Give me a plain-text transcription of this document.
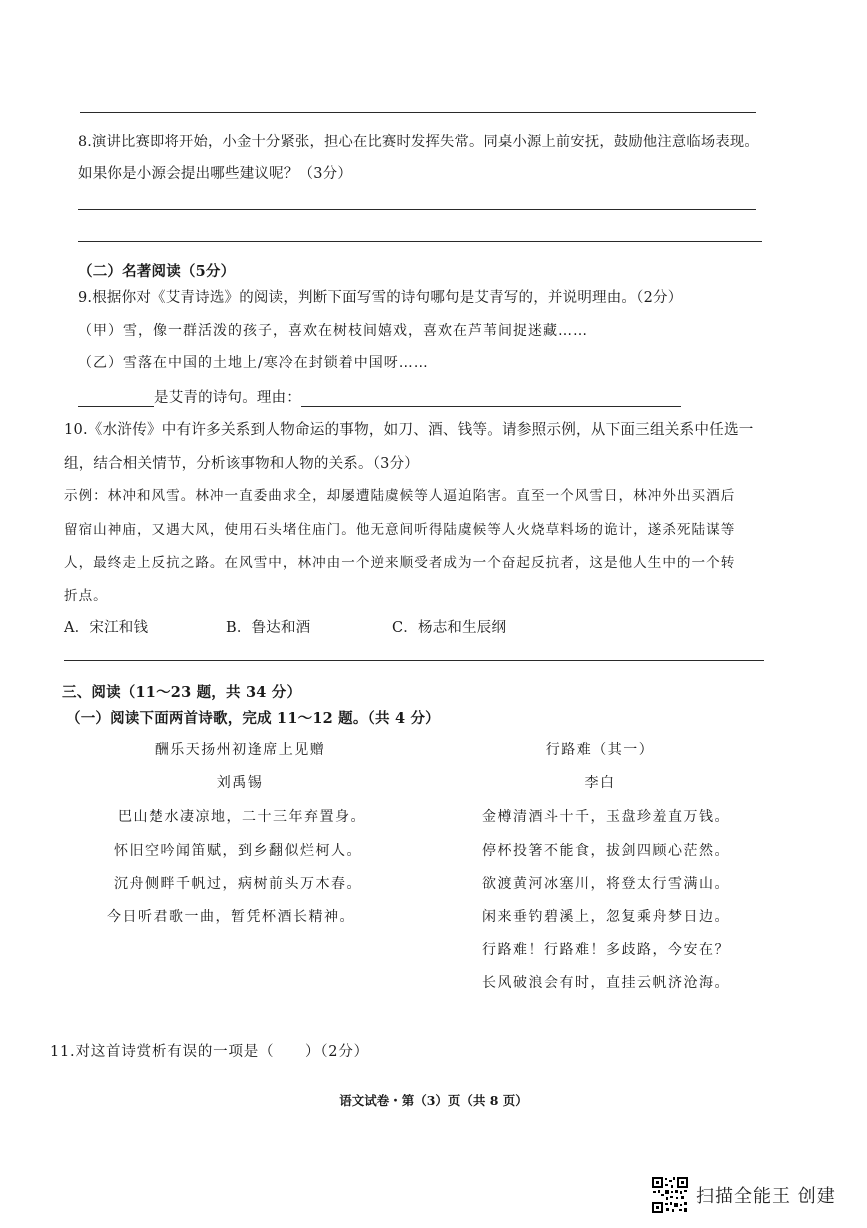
8.演讲比赛即将开始，小金十分紧张，担心在比赛时发挥失常。同桌小源上前安抚，鼓励他注意临场表现。
如果你是小源会提出哪些建议呢？（3分）
（二）名著阅读（5分）
9.根据你对《艾青诗选》的阅读，判断下面写雪的诗句哪句是艾青写的，并说明理由。（2分）
（甲）雪，像一群活泼的孩子，喜欢在树枝间嬉戏，喜欢在芦苇间捉迷藏……
（乙）雪落在中国的土地上/寒冷在封锁着中国呀……
是艾青的诗句。理由：
10.《水浒传》中有许多关系到人物命运的事物，如刀、酒、钱等。请参照示例，从下面三组关系中任选一
组，结合相关情节，分析该事物和人物的关系。（3分）
示例：林冲和风雪。林冲一直委曲求全，却屡遭陆虞候等人逼迫陷害。直至一个风雪日，林冲外出买酒后
留宿山神庙，又遇大风，使用石头堵住庙门。他无意间听得陆虞候等人火烧草料场的诡计，遂杀死陆谋等
人，最终走上反抗之路。在风雪中，林冲由一个逆来顺受者成为一个奋起反抗者，这是他人生中的一个转
折点。
A．宋江和钱	B．鲁达和酒	C．杨志和生辰纲
三、阅读（11～23 题，共 34 分）
（一）阅读下面两首诗歌，完成 11～12 题。（共 4 分）
酬乐天扬州初逢席上见赠
刘禹锡
巴山楚水凄凉地，二十三年弃置身。
怀旧空吟闻笛赋，到乡翻似烂柯人。
沉舟侧畔千帆过，病树前头万木春。
今日听君歌一曲，暂凭杯酒长精神。
行路难（其一）
李白
金樽清酒斗十千，玉盘珍羞直万钱。
停杯投箸不能食，拔剑四顾心茫然。
欲渡黄河冰塞川，将登太行雪满山。
闲来垂钓碧溪上，忽复乘舟梦日边。
行路难！行路难！多歧路，今安在？
长风破浪会有时，直挂云帆济沧海。
11.对这首诗赏析有误的一项是（　　）（2分）
语文试卷・第（3）页（共 8 页）
扫描全能王 创建
